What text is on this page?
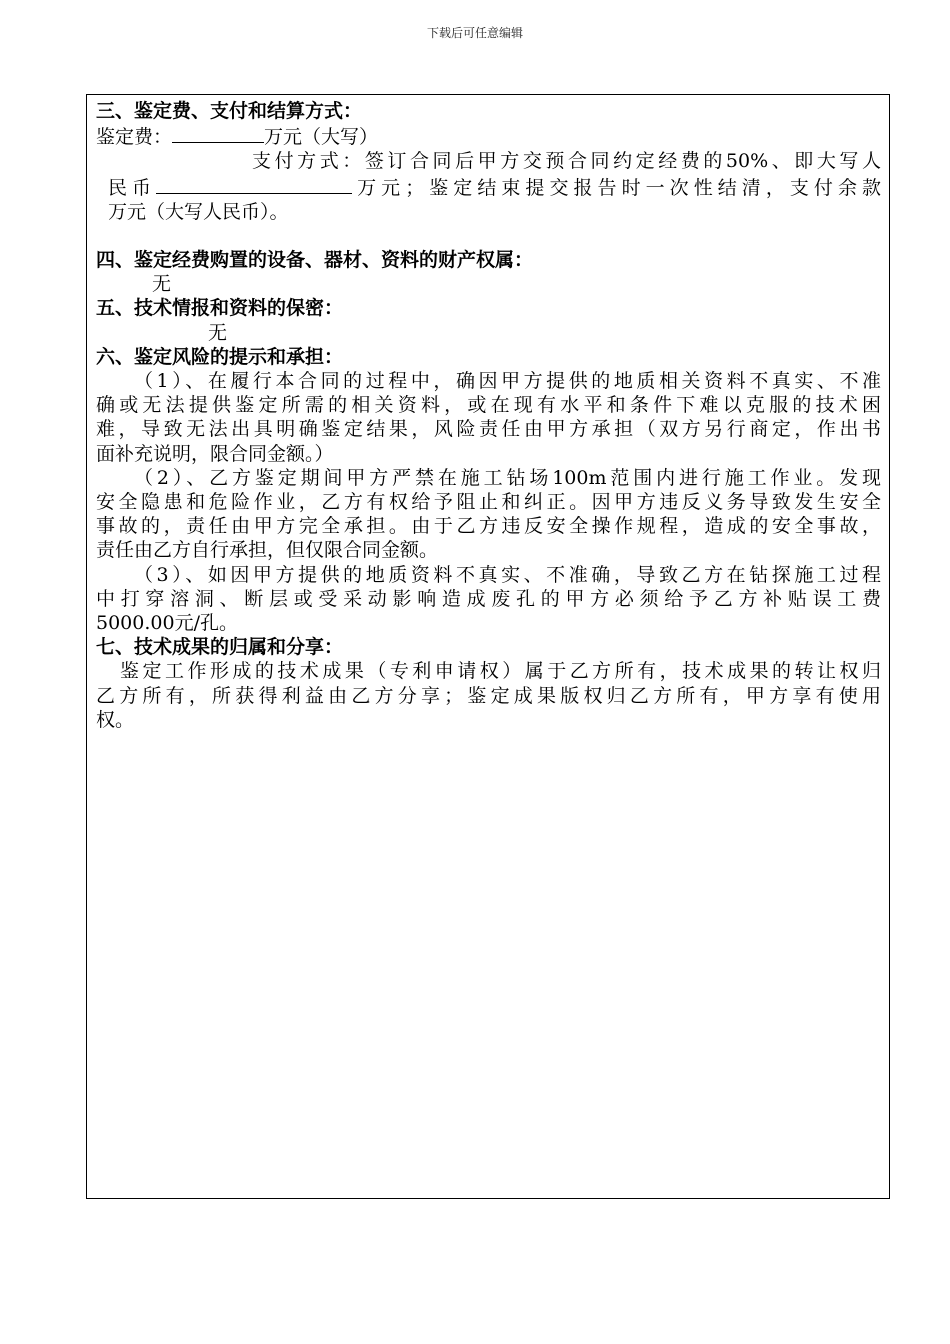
下载后可任意编辑

三、鉴定费、支付和结算方式：

鉴定费：	万元（大写）

支付方式：签订合同后甲方交预合同约定经费的50%、即大写人

民币	万元；鉴定结束提交报告时一次性结清，支付余款

万元（大写人民币）。

四、鉴定经费购置的设备、器材、资料的财产权属：

无

五、技术情报和资料的保密：

无

六、鉴定风险的提示和承担：

（1）、在履行本合同的过程中，确因甲方提供的地质相关资料不真实、不准

确或无法提供鉴定所需的相关资料，或在现有水平和条件下难以克服的技术困

难，导致无法出具明确鉴定结果，风险责任由甲方承担（双方另行商定，作出书

面补充说明，限合同金额。）

（2）、乙方鉴定期间甲方严禁在施工钻场100m范围内进行施工作业。发现

安全隐患和危险作业，乙方有权给予阻止和纠正。因甲方违反义务导致发生安全

事故的，责任由甲方完全承担。由于乙方违反安全操作规程，造成的安全事故，

责任由乙方自行承担，但仅限合同金额。

（3）、如因甲方提供的地质资料不真实、不准确，导致乙方在钻探施工过程

中打穿溶洞、断层或受采动影响造成废孔的甲方必须给予乙方补贴误工费

5000.00元/孔。

七、技术成果的归属和分享：

鉴定工作形成的技术成果（专利申请权）属于乙方所有，技术成果的转让权归

乙方所有，所获得利益由乙方分享；鉴定成果版权归乙方所有，甲方享有使用

权。
